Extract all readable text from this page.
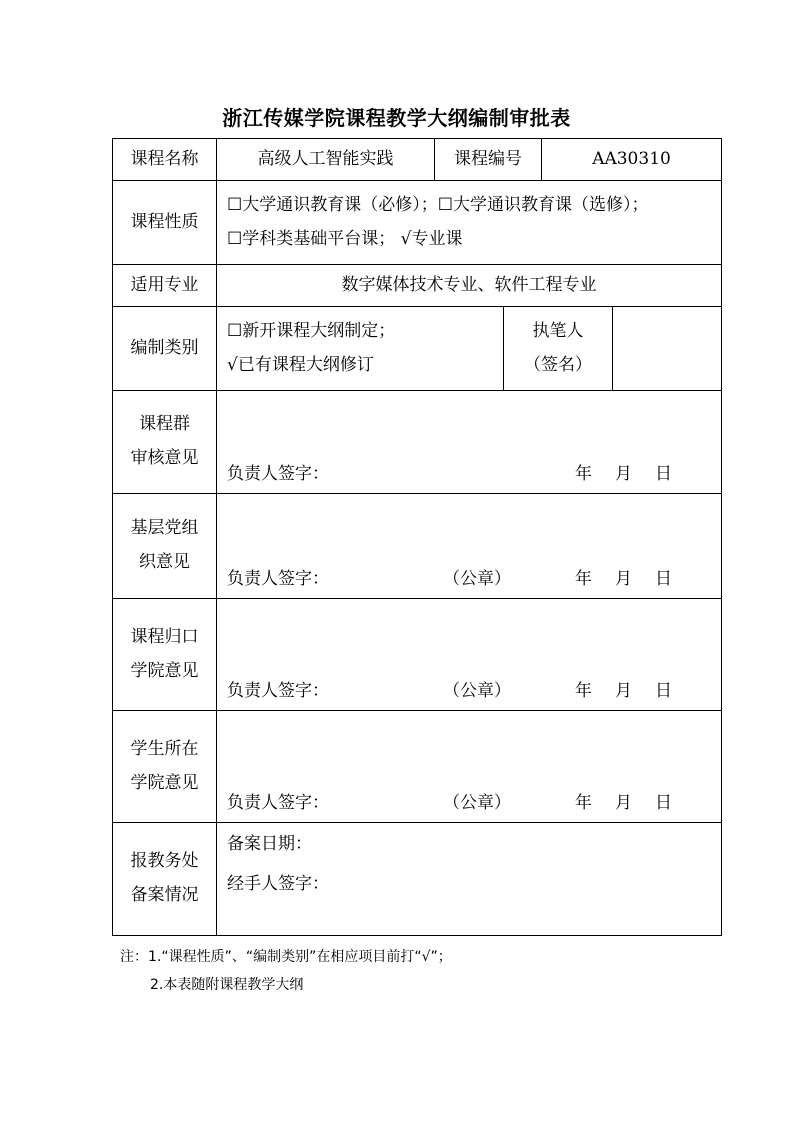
浙江传媒学院课程教学大纲编制审批表
课程名称	高级人工智能实践	课程编号		AA30310	
课程性质	☐大学通识教育课（必修）；☐大学通识教育课（选修）；
☐学科类基础平台课； √专业课				

适用专业	数字媒体技术专业、软件工程专业				
编制类别	☐新开课程大纲制定；
√已有课程大纲修订		执笔人
（签名）		

课程群
审核意见	负责人签字： 年 月 日				

基层党组
织意见	负责人签字： （公章） 年 月 日				

课程归口
学院意见	负责人签字： （公章） 年 月 日				

学生所在
学院意见	负责人签字： （公章） 年 月 日				

报教务处
备案情况	备案日期：
经手人签字：				
注：1.“课程性质”、“编制类别”在相应项目前打“√”；
2.本表随附课程教学大纲
